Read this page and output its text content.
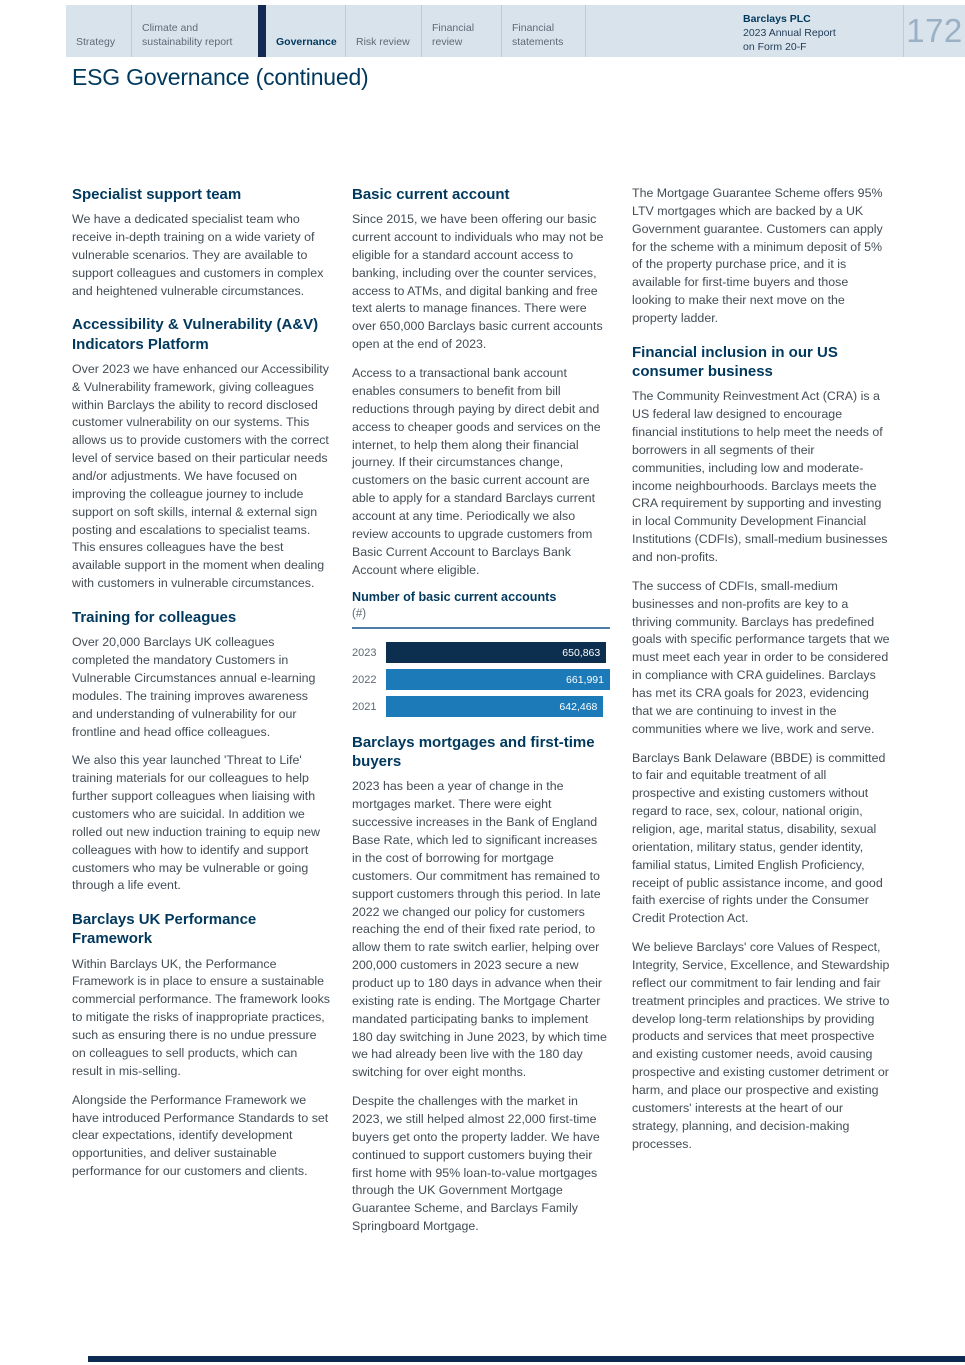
Strategy
Climate and sustainability report	Governance Risk review
Financial review
Financial statements
Barclays PLC
2023 Annual Report
on Form 20-F	172
ESG Governance (continued)
Specialist support team

We have a dedicated specialist team who receive in-depth training on a wide variety of vulnerable scenarios. They are available to support colleagues and customers in complex and heightened vulnerable circumstances.

Accessibility & Vulnerability (A&V) Indicators Platform

Over 2023 we have enhanced our Accessibility & Vulnerability framework, giving colleagues within Barclays the ability to record disclosed customer vulnerability on our systems. This allows us to provide customers with the correct level of service based on their particular needs and/or adjustments. We have focused on improving the colleague journey to include support on soft skills, internal & external sign posting and escalations to specialist teams. This ensures colleagues have the best available support in the moment when dealing with customers in vulnerable circumstances.

Training for colleagues

Over 20,000 Barclays UK colleagues completed the mandatory Customers in Vulnerable Circumstances annual e-learning modules. The training improves awareness and understanding of vulnerability for our frontline and head office colleagues.

We also this year launched 'Threat to Life' training materials for our colleagues to help further support colleagues when liaising with customers who are suicidal. In addition we rolled out new induction training to equip new colleagues with how to identify and support customers who may be vulnerable or going through a life event.

Barclays UK Performance Framework

Within Barclays UK, the Performance Framework is in place to ensure a sustainable commercial performance. The framework looks to mitigate the risks of inappropriate practices, such as ensuring there is no undue pressure on colleagues to sell products, which can result in mis-selling.

Alongside the Performance Framework we have introduced Performance Standards to set clear expectations, identify development opportunities, and deliver sustainable performance for our customers and clients.

Basic current account

Since 2015, we have been offering our basic current account to individuals who may not be eligible for a standard account access to banking, including over the counter services, access to ATMs, and digital banking and free text alerts to manage finances. There were over 650,000 Barclays basic current accounts open at the end of 2023.

Access to a transactional bank account enables consumers to benefit from bill reductions through paying by direct debit and access to cheaper goods and services on the internet, to help them along their financial journey. If their circumstances change, customers on the basic current account are able to apply for a standard Barclays current account at any time. Periodically we also review accounts to upgrade customers from Basic Current Account to Barclays Bank Account where eligible.

Number of basic current accounts
(#)
2023	650,863
2022	661,991
2021	642,468
Barclays mortgages and first-time buyers

2023 has been a year of change in the mortgages market. There were eight successive increases in the Bank of England Base Rate, which led to significant increases in the cost of borrowing for mortgage customers. Our commitment has remained to support customers through this period. In late 2022 we changed our policy for customers reaching the end of their fixed rate period, to allow them to rate switch earlier, helping over 200,000 customers in 2023 secure a new product up to 180 days in advance when their existing rate is ending. The Mortgage Charter mandated participating banks to implement 180 day switching in June 2023, by which time we had already been live with the 180 day switching for over eight months.

Despite the challenges with the market in 2023, we still helped almost 22,000 first-time buyers get onto the property ladder. We have continued to support customers buying their first home with 95% loan-to-value mortgages through the UK Government Mortgage Guarantee Scheme, and Barclays Family Springboard Mortgage.

The Mortgage Guarantee Scheme offers 95% LTV mortgages which are backed by a UK Government guarantee. Customers can apply for the scheme with a minimum deposit of 5% of the property purchase price, and it is available for first-time buyers and those looking to make their next move on the property ladder.

Financial inclusion in our US consumer business

The Community Reinvestment Act (CRA) is a US federal law designed to encourage financial institutions to help meet the needs of borrowers in all segments of their communities, including low and moderate-income neighbourhoods. Barclays meets the CRA requirement by supporting and investing in local Community Development Financial Institutions (CDFIs), small-medium businesses and non-profits.

The success of CDFIs, small-medium businesses and non-profits are key to a thriving community. Barclays has predefined goals with specific performance targets that we must meet each year in order to be considered in compliance with CRA guidelines. Barclays has met its CRA goals for 2023, evidencing that we are continuing to invest in the communities where we live, work and serve.

Barclays Bank Delaware (BBDE) is committed to fair and equitable treatment of all prospective and existing customers without regard to race, sex, colour, national origin, religion, age, marital status, disability, sexual orientation, military status, gender identity, familial status, Limited English Proficiency, receipt of public assistance income, and good faith exercise of rights under the Consumer Credit Protection Act.

We believe Barclays' core Values of Respect, Integrity, Service, Excellence, and Stewardship reflect our commitment to fair lending and fair treatment principles and practices. We strive to develop long-term relationships by providing products and services that meet prospective and existing customer needs, avoid causing prospective and existing customer detriment or harm, and place our prospective and existing customers' interests at the heart of our strategy, planning, and decision-making processes.
